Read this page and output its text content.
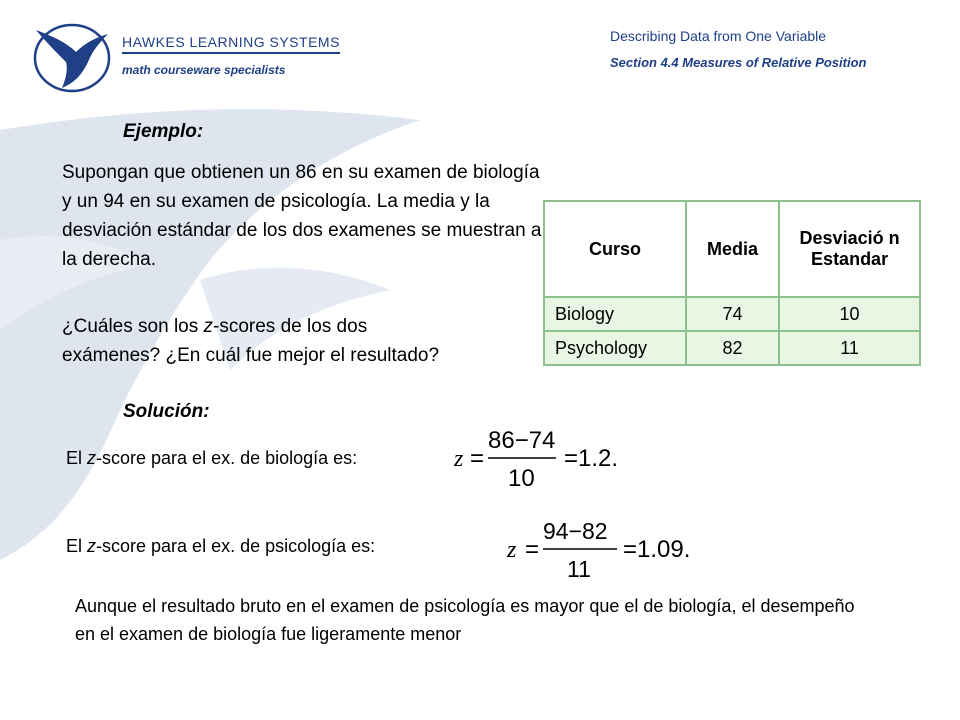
HAWKES LEARNING SYSTEMS
math courseware specialists
Describing Data from One Variable
Section 4.4 Measures of Relative Position
Ejemplo:
Supongan que obtienen un 86 en su examen de biología y un 94 en su examen de psicología. La media y la desviación estándar de los dos examenes se muestran a la derecha.
¿Cuáles son los z-scores de los dos exámenes? ¿En cuál fue mejor el resultado?
Solución:
Curso	Media	Desviació n Estandar
Biology	74	10
Psychology	82	11
El z-score para el ex. de biología es:	z =
86−74
10
=1.2.
El z-score para el ex. de psicología es:	z =
94−82
11
=1.09.
Aunque el resultado bruto en el examen de psicología es mayor que el de biología, el desempeño en el examen de biología fue ligeramente menor
